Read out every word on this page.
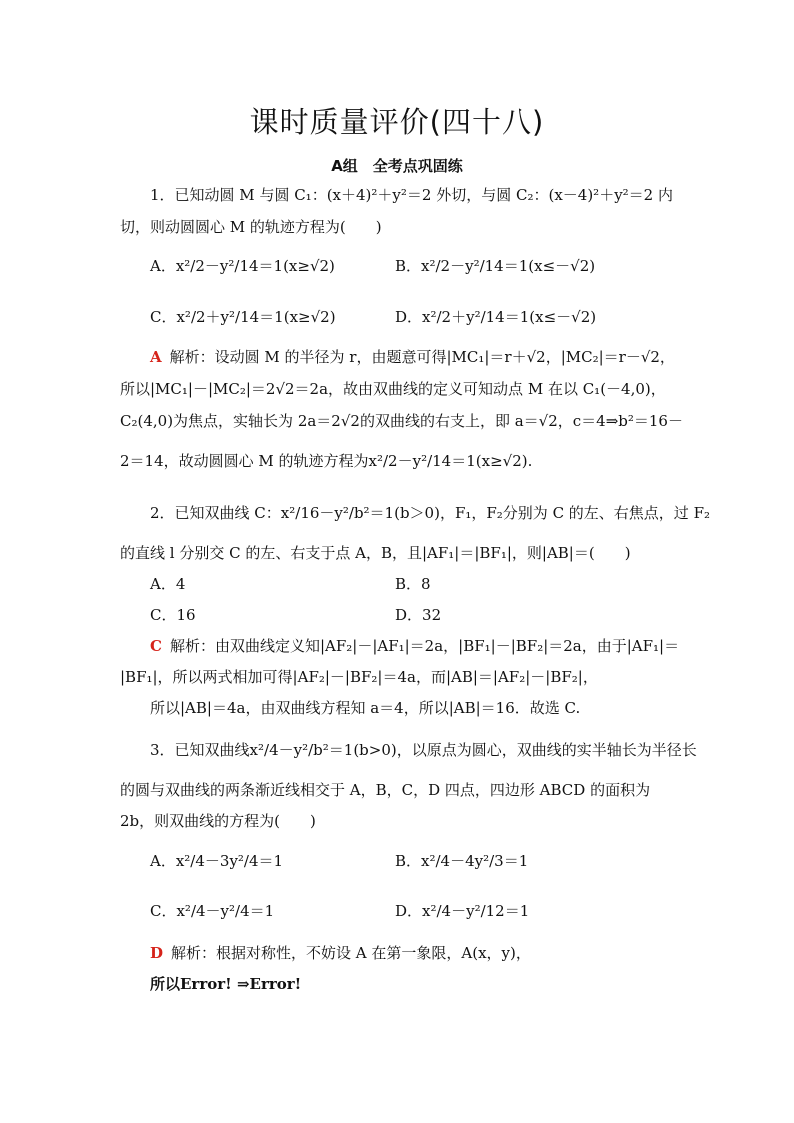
课时质量评价(四十八)
A组　全考点巩固练
1．已知动圆 M 与圆 C₁：(x＋4)²＋y²＝2 外切，与圆 C₂：(x－4)²＋y²＝2 内
切，则动圆圆心 M 的轨迹方程为(　　)
A．x²/2－y²/14＝1(x≥√2)	B．x²/2－y²/14＝1(x≤－√2)
C．x²/2＋y²/14＝1(x≥√2)	D．x²/2＋y²/14＝1(x≤－√2)
A 解析：设动圆 M 的半径为 r，由题意可得|MC₁|＝r＋√2，|MC₂|＝r－√2，
所以|MC₁|－|MC₂|＝2√2＝2a，故由双曲线的定义可知动点 M 在以 C₁(－4,0)，
C₂(4,0)为焦点，实轴长为 2a＝2√2的双曲线的右支上，即 a＝√2，c＝4⇒b²＝16－
2＝14，故动圆圆心 M 的轨迹方程为x²/2－y²/14＝1(x≥√2).
2．已知双曲线 C：x²/16－y²/b²＝1(b＞0)，F₁，F₂分别为 C 的左、右焦点，过 F₂
的直线 l 分别交 C 的左、右支于点 A，B，且|AF₁|＝|BF₁|，则|AB|＝(　　)
A．4	B．8
C．16	D．32
C 解析：由双曲线定义知|AF₂|－|AF₁|＝2a，|BF₁|－|BF₂|＝2a，由于|AF₁|＝
|BF₁|，所以两式相加可得|AF₂|－|BF₂|＝4a，而|AB|＝|AF₂|－|BF₂|，
所以|AB|＝4a，由双曲线方程知 a＝4，所以|AB|＝16．故选 C.
3．已知双曲线x²/4－y²/b²＝1(b>0)，以原点为圆心，双曲线的实半轴长为半径长
的圆与双曲线的两条渐近线相交于 A，B，C，D 四点，四边形 ABCD 的面积为
2b，则双曲线的方程为(　　)
A．x²/4－3y²/4＝1	B．x²/4－4y²/3＝1
C．x²/4－y²/4＝1	D．x²/4－y²/12＝1
D 解析：根据对称性，不妨设 A 在第一象限，A(x，y)，
所以Error! ⇒Error!
